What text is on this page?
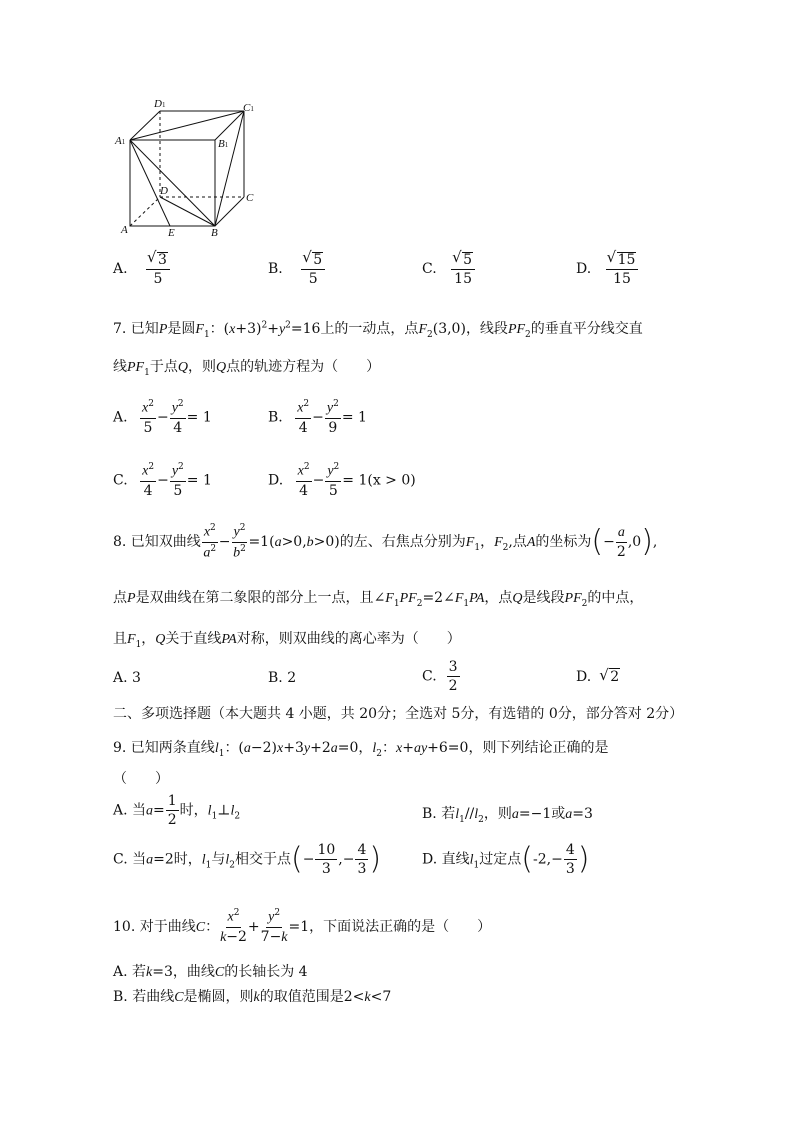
D1	C1
A1	B1
D
C
A	E	B
A. √ $\frac{3}{5}$	B. √ $\frac{5}{5}$	C. √ $\frac{5}{15}$	D. √ $\frac{15}{15}$
7. 已知P是圆$F_1$：$(x+3)^2+y^2=16$上的一动点，点$F_2(3,0)$，线段$PF_2$的垂直平分线交直
线$PF_1$于点Q，则Q点的轨迹方程为（　　）
A. $\frac{x^2}{5} - \frac{y^2}{4} = 1$	B. $\frac{x^2}{4} - \frac{y^2}{9} = 1$
C. $\frac{x^2}{4} - \frac{y^2}{5} = 1$	D. $\frac{x^2}{4} - \frac{y^2}{5} = 1(x > 0)$
8. 已知双曲线 $\frac{x^2}{a^2} - \frac{y^2}{b^2} =1(a>0,b>0)$的左、右焦点分别为$F_1$，$F_2$,点A的坐标为(− $\frac{a}{2} ,0$),
点P是双曲线在第二象限的部分上一点，且$\angle F_1PF_2=2\angle F_1PA$，点Q是线段$PF_2$的中点，
且$F_1$，Q关于直线PA对称，则双曲线的离心率为（　　）
A. 3	B. 2	C. $\frac{3}{2}$	D. √ 2
二、多项选择题（本大题共 4 小题，共 20分；全选对 5分，有选错的 0分，部分答对 2分）
9. 已知两条直线$l_1$：(a−2)x+3y+2a=0，$l_2$：x+ay+6=0，则下列结论正确的是
（　　）
A. 当$a= \frac{1}{2}$ 时，$l_1\perp l_2$	B. 若$l_1//l_2$，则a=−1或a=3
C. 当a=2时，$l_1$与$l_2$相交于点(− $\frac{10}{3}$ ,− $\frac{4}{3}$ )	D. 直线$l_1$过定点($-2,- \frac{4}{3}$ )
10. 对于曲线C： $\frac{x^2}{k-2} + \frac{y^2}{7-k} =1$，下面说法正确的是（　　）
A. 若k=3，曲线C的长轴长为 4
B. 若曲线C是椭圆，则k的取值范围是2<k<7
